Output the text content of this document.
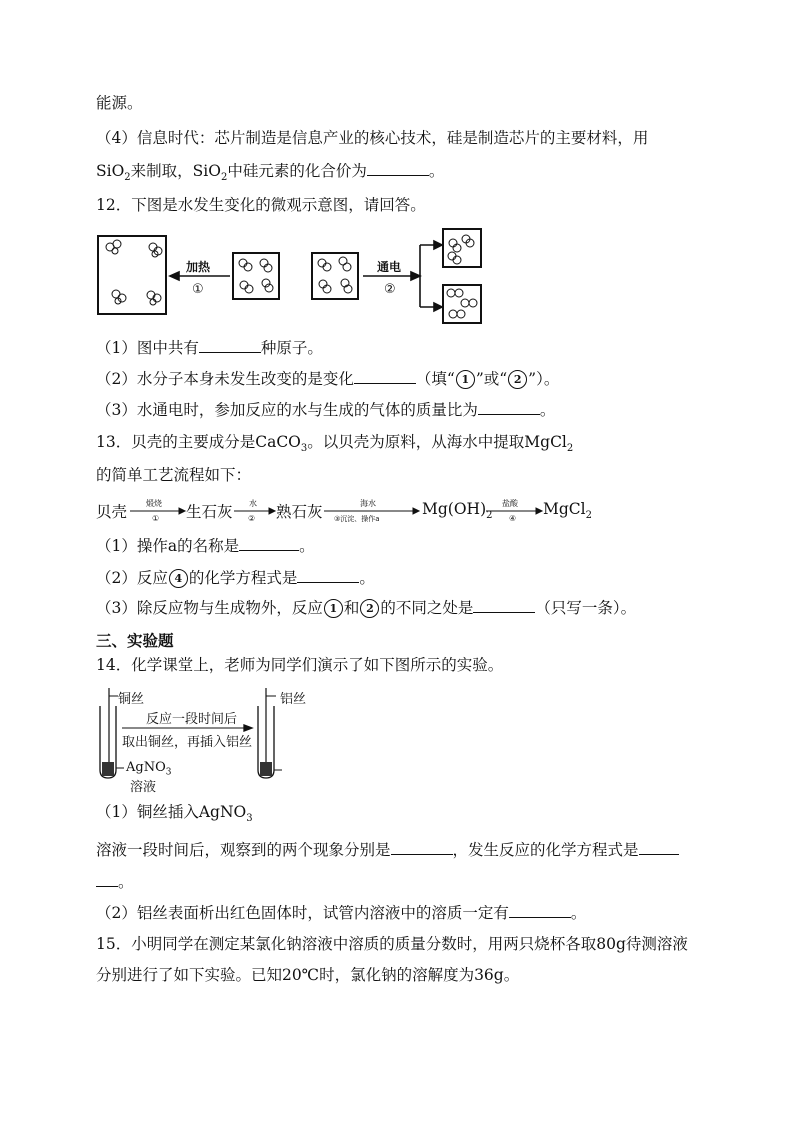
能源。
（4）信息时代：芯片制造是信息产业的核心技术，硅是制造芯片的主要材料，用
SiO$_2$来制取，SiO$_2$中硅元素的化合价为	。
12．下图是水发生变化的微观示意图，请回答。
加热
①
通电
②
（1）图中共有	种原子。
（2）水分子本身未发生改变的是变化	（填“ 1 ”或“ 2 ”）。
（3）水通电时，参加反应的水与生成的气体的质量比为	。
13．贝壳的主要成分是CaCO$_3$。以贝壳为原料，从海水中提取MgCl$_2$
的简单工艺流程如下：
贝壳	生石灰	熟石灰	$Mg(OH)_2$	MgCl$_2$
煅烧
①
水
②
海水
③沉淀、操作a
盐酸
④
（1）操作a的名称是	。
（2）反应 4 的化学方程式是	。
（3）除反应物与生成物外，反应 1 和 2 的不同之处是	（只写一条）。
三、实验题
14．化学课堂上，老师为同学们演示了如下图所示的实验。
铜丝	铝丝
反应一段时间后
取出铜丝，再插入铝丝
AgNO$_3$
溶液
（1）铜丝插入AgNO$_3$
溶液一段时间后，观察到的两个现象分别是	，发生反应的化学方程式是
。
（2）铝丝表面析出红色固体时，试管内溶液中的溶质一定有	。
15．小明同学在测定某氯化钠溶液中溶质的质量分数时，用两只烧杯各取80g待测溶液
分别进行了如下实验。已知20℃时，氯化钠的溶解度为36g。
